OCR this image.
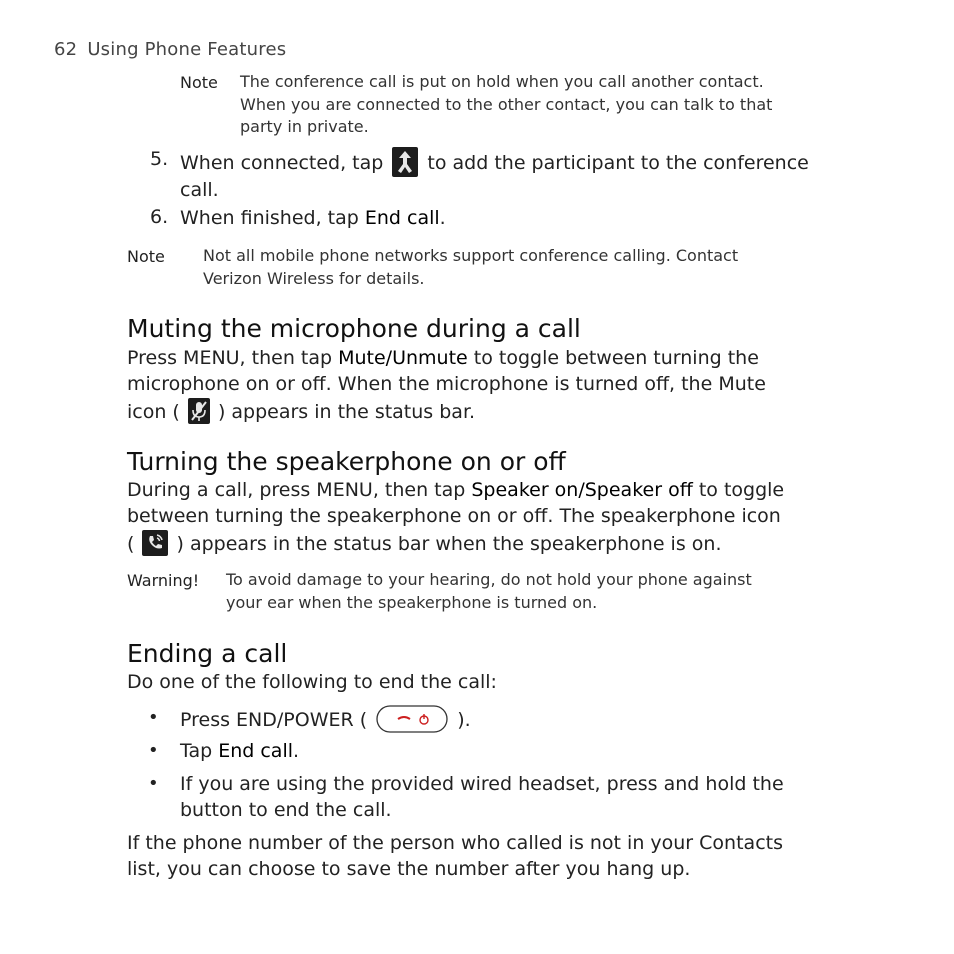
62 Using Phone Features
Note The conference call is put on hold when you call another contact.
When you are connected to the other contact, you can talk to that
party in private.
5. When connected, tap to add the participant to the conference
call.
6. When finished, tap End call.
Note Not all mobile phone networks support conference calling. Contact
Verizon Wireless for details.
Muting the microphone during a call
Press MENU, then tap Mute/Unmute to toggle between turning the
microphone on or off. When the microphone is turned off, the Mute
icon ( ) appears in the status bar.
Turning the speakerphone on or off
During a call, press MENU, then tap Speaker on/Speaker off to toggle
between turning the speakerphone on or off. The speakerphone icon
( ) appears in the status bar when the speakerphone is on.
Warning! To avoid damage to your hearing, do not hold your phone against
your ear when the speakerphone is turned on.
Ending a call
Do one of the following to end the call:
• Press END/POWER (	).
• Tap End call.
• If you are using the provided wired headset, press and hold the
button to end the call.
If the phone number of the person who called is not in your Contacts
list, you can choose to save the number after you hang up.
